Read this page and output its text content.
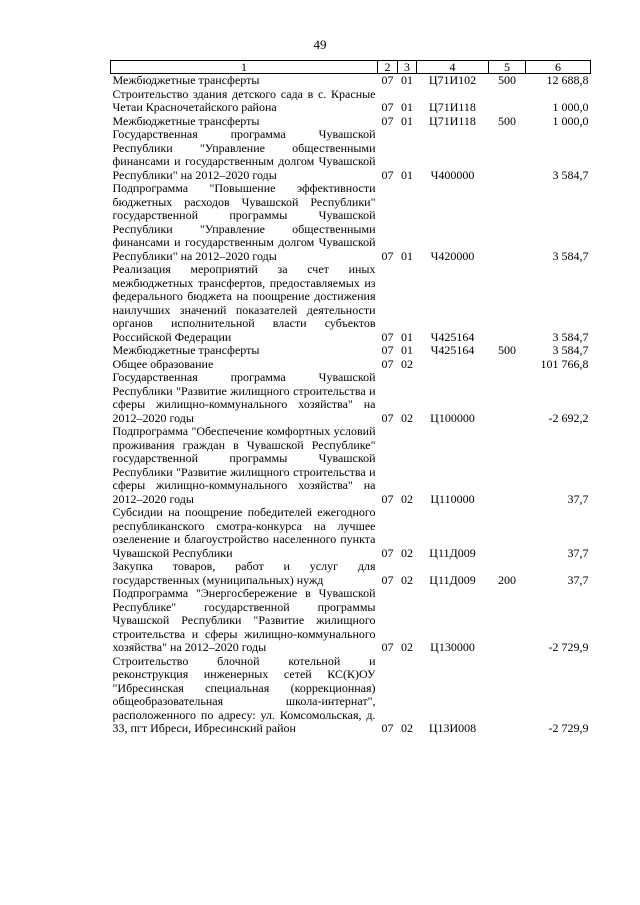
49
1	2	3	4	5	6
Межбюджетные трансферты	07	01	Ц71И102	500	12 688,8
Строительство здания детского сада в с. Красные Четаи Красночетайского района	07	01	Ц71И118		1 000,0
Межбюджетные трансферты	07	01	Ц71И118	500	1 000,0
Государственная программа Чувашской Республики "Управление общественными финансами и государственным долгом Чувашской Республики" на 2012–2020 годы	07	01	Ч400000		3 584,7
Подпрограмма "Повышение эффективности бюджетных расходов Чувашской Республики" государственной программы Чувашской Республики "Управление общественными финансами и государственным долгом Чувашской Республики" на 2012–2020 годы	07	01	Ч420000		3 584,7
Реализация мероприятий за счет иных межбюджетных трансфертов, предоставляемых из федерального бюджета на поощрение достижения наилучших значений показателей деятельности органов исполнительной власти субъектов Российской Федерации	07	01	Ч425164		3 584,7
Межбюджетные трансферты	07	01	Ч425164	500	3 584,7
Общее образование	07	02			101 766,8
Государственная программа Чувашской Республики "Развитие жилищного строительства и сферы жилищно-коммунального хозяйства" на 2012–2020 годы	07	02	Ц100000		-2 692,2
Подпрограмма "Обеспечение комфортных условий проживания граждан в Чувашской Республике" государственной программы Чувашской Республики "Развитие жилищного строительства и сферы жилищно-коммунального хозяйства" на 2012–2020 годы	07	02	Ц110000		37,7
Субсидии на поощрение победителей ежегодного республиканского смотра-конкурса на лучшее озеленение и благоустройство населенного пункта Чувашской Республики	07	02	Ц11Д009		37,7
Закупка товаров, работ и услуг для государственных (муниципальных) нужд	07	02	Ц11Д009	200	37,7
Подпрограмма "Энергосбережение в Чувашской Республике" государственной программы Чувашской Республики "Развитие жилищного строительства и сферы жилищно-коммунального хозяйства" на 2012–2020 годы	07	02	Ц130000		-2 729,9
Строительство блочной котельной и реконструкция инженерных сетей КС(К)ОУ "Ибресинская специальная (коррекционная) общеобразовательная школа-интернат", расположенного по адресу: ул. Комсомольская, д. 33, пгт Ибреси, Ибресинский район	07	02	Ц13И008		-2 729,9
